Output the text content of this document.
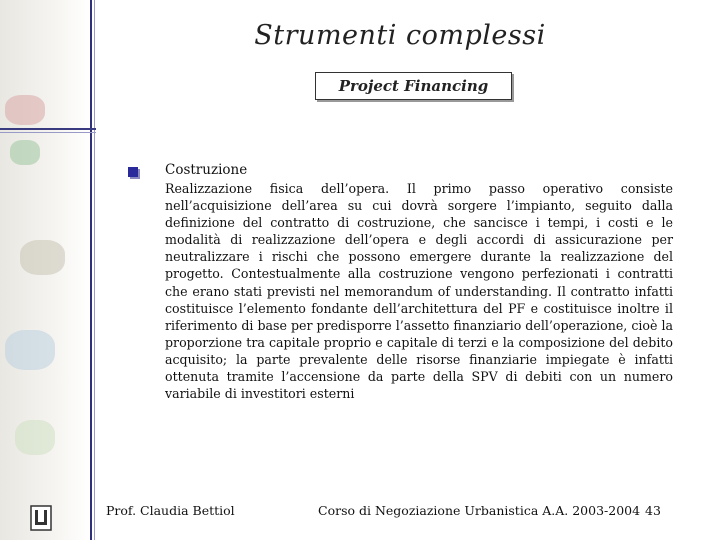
Strumenti complessi
Project Financing
Costruzione
Realizzazione fisica dell’opera. Il primo passo operativo consiste nell’acquisizione dell’area su cui dovrà sorgere l’impianto, seguito dalla definizione del contratto di costruzione, che sancisce i tempi, i costi e le modalità di realizzazione dell’opera e degli accordi di assicurazione per neutralizzare i rischi che possono emergere durante la realizzazione del progetto. Contestualmente alla costruzione vengono perfezionati i contratti che erano stati previsti nel memorandum of understanding. Il contratto infatti costituisce l’elemento fondante dell’architettura del PF e costituisce inoltre il riferimento di base per predisporre l’assetto finanziario dell’operazione, cioè la proporzione tra capitale proprio e capitale di terzi e la composizione del debito acquisito; la parte prevalente delle risorse finanziarie impiegate è infatti ottenuta tramite l’accensione da parte della SPV di debiti con un numero variabile di investitori esterni
Prof. Claudia Bettiol	Corso di Negoziazione Urbanistica A.A. 2003-2004 43
